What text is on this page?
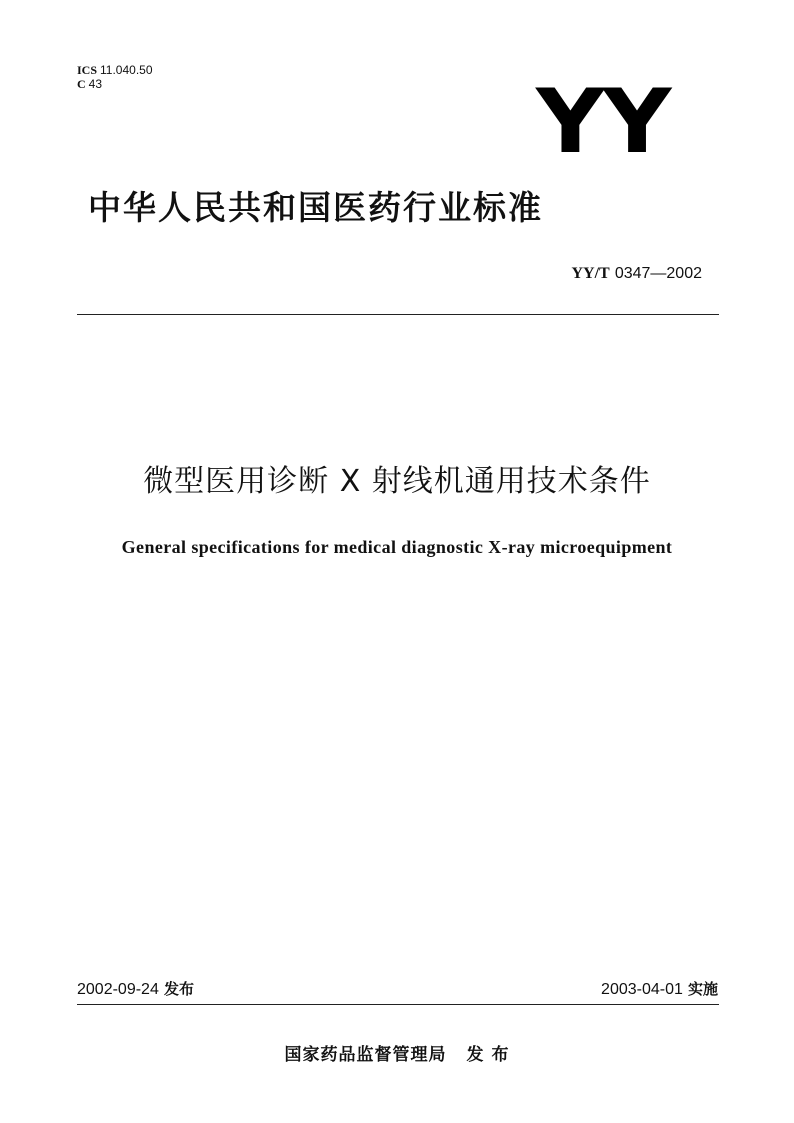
ICS 11.040.50
C 43	YY
中华人民共和国医药行业标准
YY/T 0347—2002
微型医用诊断 X 射线机通用技术条件
General specifications for medical diagnostic X-ray microequipment
2002-09-24 发布	2003-04-01 实施
国家药品监督管理局 发 布
